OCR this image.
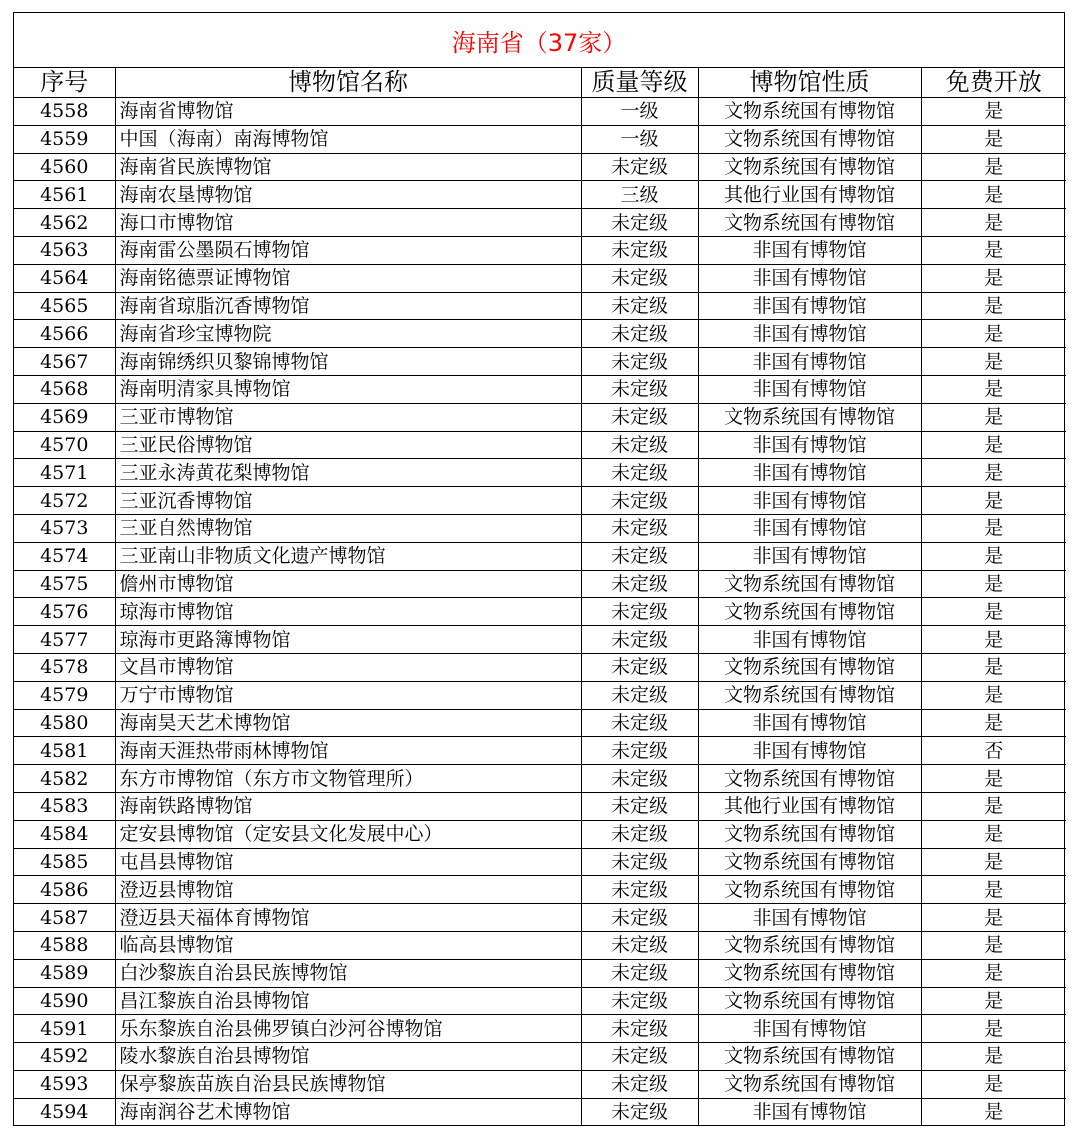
海南省（37家）
序号	博物馆名称	质量等级	博物馆性质	免费开放
4558	海南省博物馆	一级	文物系统国有博物馆	是
4559	中国（海南）南海博物馆	一级	文物系统国有博物馆	是
4560	海南省民族博物馆	未定级	文物系统国有博物馆	是
4561	海南农垦博物馆	三级	其他行业国有博物馆	是
4562	海口市博物馆	未定级	文物系统国有博物馆	是
4563	海南雷公墨陨石博物馆	未定级	非国有博物馆	是
4564	海南铭德票证博物馆	未定级	非国有博物馆	是
4565	海南省琼脂沉香博物馆	未定级	非国有博物馆	是
4566	海南省珍宝博物院	未定级	非国有博物馆	是
4567	海南锦绣织贝黎锦博物馆	未定级	非国有博物馆	是
4568	海南明清家具博物馆	未定级	非国有博物馆	是
4569	三亚市博物馆	未定级	文物系统国有博物馆	是
4570	三亚民俗博物馆	未定级	非国有博物馆	是
4571	三亚永涛黄花梨博物馆	未定级	非国有博物馆	是
4572	三亚沉香博物馆	未定级	非国有博物馆	是
4573	三亚自然博物馆	未定级	非国有博物馆	是
4574	三亚南山非物质文化遗产博物馆	未定级	非国有博物馆	是
4575	儋州市博物馆	未定级	文物系统国有博物馆	是
4576	琼海市博物馆	未定级	文物系统国有博物馆	是
4577	琼海市更路簿博物馆	未定级	非国有博物馆	是
4578	文昌市博物馆	未定级	文物系统国有博物馆	是
4579	万宁市博物馆	未定级	文物系统国有博物馆	是
4580	海南昊天艺术博物馆	未定级	非国有博物馆	是
4581	海南天涯热带雨林博物馆	未定级	非国有博物馆	否
4582	东方市博物馆（东方市文物管理所）	未定级	文物系统国有博物馆	是
4583	海南铁路博物馆	未定级	其他行业国有博物馆	是
4584	定安县博物馆（定安县文化发展中心）	未定级	文物系统国有博物馆	是
4585	屯昌县博物馆	未定级	文物系统国有博物馆	是
4586	澄迈县博物馆	未定级	文物系统国有博物馆	是
4587	澄迈县天福体育博物馆	未定级	非国有博物馆	是
4588	临高县博物馆	未定级	文物系统国有博物馆	是
4589	白沙黎族自治县民族博物馆	未定级	文物系统国有博物馆	是
4590	昌江黎族自治县博物馆	未定级	文物系统国有博物馆	是
4591	乐东黎族自治县佛罗镇白沙河谷博物馆	未定级	非国有博物馆	是
4592	陵水黎族自治县博物馆	未定级	文物系统国有博物馆	是
4593	保亭黎族苗族自治县民族博物馆	未定级	文物系统国有博物馆	是
4594	海南润谷艺术博物馆	未定级	非国有博物馆	是
